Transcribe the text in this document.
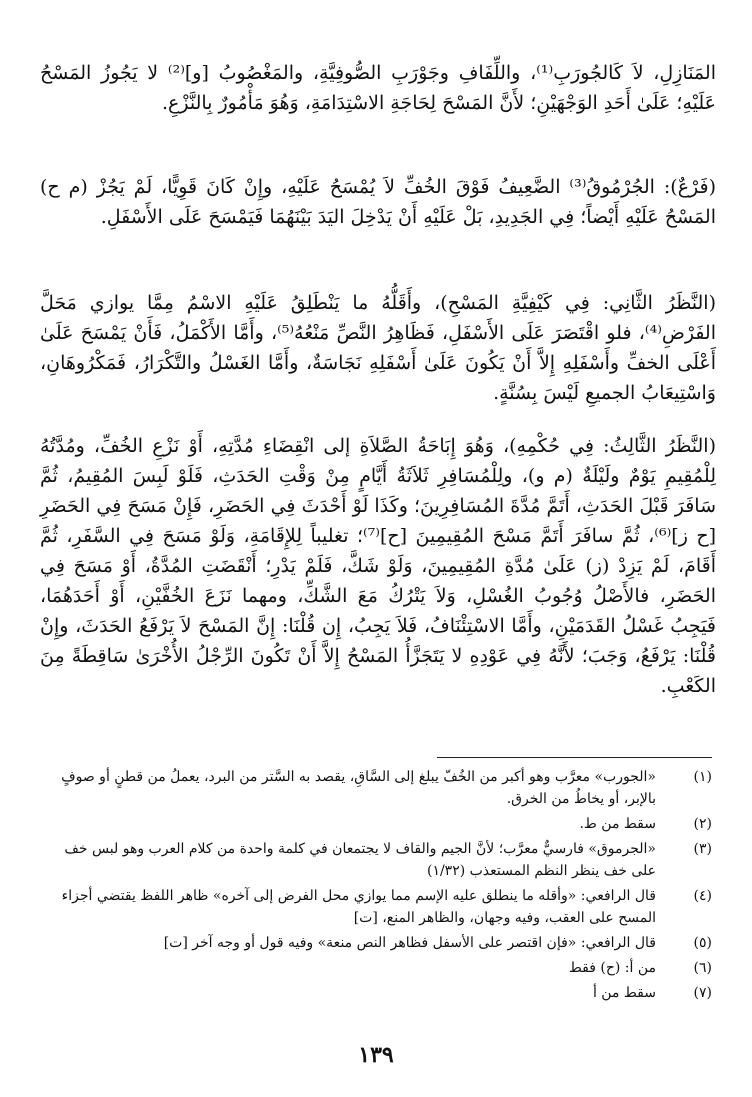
المَنَازِلِ، لاَ كَالجُورَبِ⁽¹⁾، واللِّفَافِ وجَوْرَبِ الصُّوفِيَّةِ، والمَغْصُوبُ [و]⁽²⁾ لا يَجُوزُ المَسْحُ عَلَيْهِ؛ عَلَىٰ أَحَدِ الوَجْهَيْنِ؛ لأَنَّ المَسْحَ لِحَاجَةِ الاسْتِدَامَةِ، وَهُوَ مَأْمُورٌ بِالنَّزْعِ.

(فَرْعٌ): الجُرْمُوقُ⁽³⁾ الضَّعِيفُ فَوْقَ الخُفِّ لاَ يُمْسَحُ عَلَيْهِ، وإِنْ كَانَ قَوِيًّا، لَمْ يَجُزْ (م ح) المَسْحُ عَلَيْهِ أَيْضاً؛ فِي الجَدِيدِ، بَلْ عَلَيْهِ أَنْ يَدْخِلَ اليَدَ بَيْنَهُمَا فَيَمْسَحَ عَلَى الأَسْفَلِ.

(النَّظَرُ الثَّانِي: فِي كَيْفِيَّةِ المَسْحِ)، وأَقَلُّهُ ما يَنْطَلِقُ عَلَيْهِ الاسْمُ مِمَّا يوازي مَحَلَّ الفَرْضِ⁽⁴⁾، فلو اقْتَصَرَ عَلَى الأَسْفَلِ، فَظَاهِرُ النَّصِّ مَنْعُهُ⁽⁵⁾، وأَمَّا الأَكْمَلُ، فَأَنْ يَمْسَحَ عَلَىٰ أَعْلَى الخفِّ وأَسْفَلِهِ إِلاَّ أَنْ يَكُونَ عَلَىٰ أَسْفَلِهِ نَجَاسَةٌ، وأَمَّا الغَسْلُ والتَّكْرَارُ، فَمَكْرُوهَانِ، وَاسْتِيعَابُ الجميعِ لَيْسَ بِسُنَّةٍ.

(النَّظَرُ الثَّالِثُ: فِي حُكْمِهِ)، وَهُوَ إِبَاحَةُ الصَّلاَةِ إلى انْقِضَاءِ مُدَّتِهِ، أَوْ نَزْعِ الخُفِّ، ومُدَّتُهُ لِلْمُقِيمِ يَوْمٌ ولَيْلَةٌ (م و)، ولِلْمُسَافِرِ ثَلاَثَةُ أَيَّامٍ مِنْ وَقْتِ الحَدَثِ، فَلَوْ لَبِسَ المُقِيمُ، ثُمَّ سَافَرَ قَبْلَ الحَدَثِ، أَتَمَّ مُدَّةَ المُسَافِرِينَ؛ وكَذَا لَوْ أَحْدَثَ فِي الحَضَرِ، فَإِنْ مَسَحَ فِي الحَضَرِ [ح ز]⁽⁶⁾، ثُمَّ سافَرَ أَتَمَّ مَسْحَ المُقِيمِينَ [ح]⁽⁷⁾؛ تغليباً لِلإِقَامَةِ، وَلَوْ مَسَحَ فِي السَّفَرِ، ثُمَّ أَقَامَ، لَمْ يَزِدْ (ز) عَلَىٰ مُدَّةِ المُقِيمِينَ، وَلَوْ شَكَّ، فَلَمْ يَدْرِ؛ أَنْقَضَتِ المُدَّةُ، أَوْ مَسَحَ فِي الحَضَرِ، فالأَصْلُ وُجُوبُ الغُسْلِ، وَلاَ يَتْرُكُ مَعَ الشَّكِّ، ومهما نَزَعَ الخُفَّيْنِ، أَوْ أَحَدَهُمَا، فَيَجِبُ غَسْلُ القَدَمَيْنِ، وأَمَّا الاسْتِئْنَافُ، فَلاَ يَجِبُ، إِن قُلْنَا: إِنَّ المَسْحَ لاَ يَرْفَعُ الحَدَثَ، وإِنْ قُلْنَا: يَرْفَعُ، وَجَبَ؛ لأَنَّهُ فِي عَوْدِهِ لا يَتَجَزَّأُ المَسْحُ إِلاَّ أَنْ تَكُونَ الرِّجْلُ الأُخْرَىٰ سَاقِطَةً مِنَ الكَعْبِ.

(١)
«الجورب» معرَّب وهو أكبر من الخُفّ يبلغ إلى السَّاقِ، يقصد به السَّتر من البرد، يعملُ من قطنٍ أو صوفٍ بالإبر، أو يخاطُ من الخرق.
(٢)
سقط من ط.
(٣)
«الجرموق» فارسيٌّ معرَّب؛ لأنَّ الجيم والقاف لا يجتمعان في كلمة واحدة من كلام العرب وهو لبس خف على خف ينظر النظم المستعذب (١/٣٢)
(٤)
قال الرافعي: «وأقله ما ينطلق عليه الإسم مما يوازي محل الفرض إلى آخره» ظاهر اللفظ يقتضي أجزاء المسح على العقب، وفيه وجهان، والظاهر المنع، [ت]
(٥)
قال الرافعي: «فإن اقتصر على الأسفل فظاهر النص منعة» وفيه قول أو وجه آخر [ت]
(٦)
من أ: (ح) فقط
(٧)
سقط من أ
١٣٩
